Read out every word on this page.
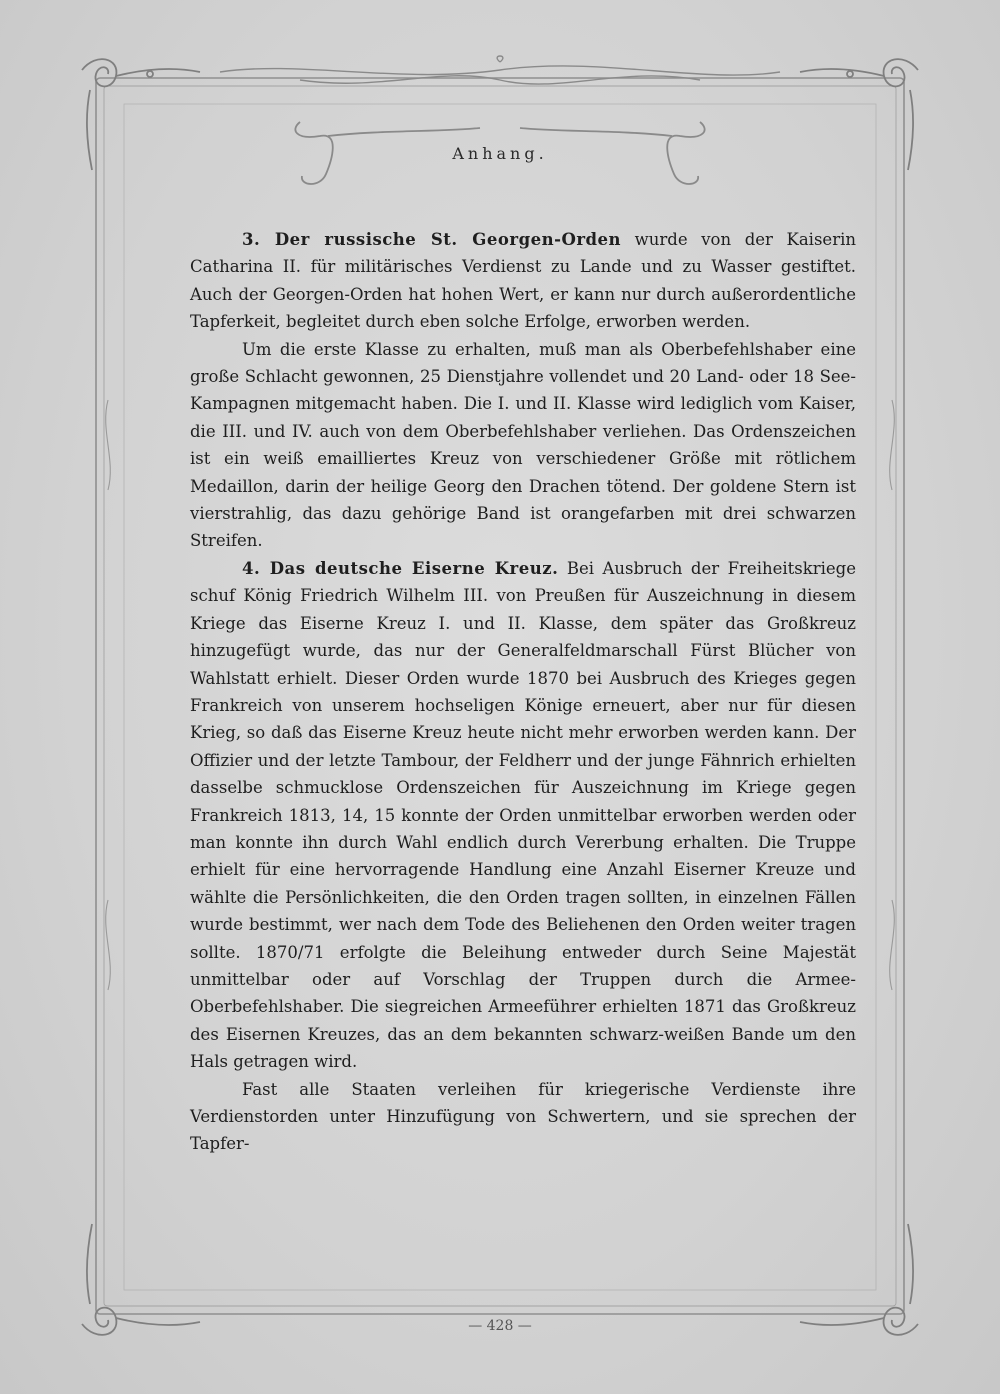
Anhang.

3. Der russische St. Georgen-Orden wurde von der Kaiserin Catharina II. für militärisches Verdienst zu Lande und zu Wasser gestiftet. Auch der Georgen-Orden hat hohen Wert, er kann nur durch außerordentliche Tapferkeit, begleitet durch eben solche Erfolge, erworben werden.

Um die erste Klasse zu erhalten, muß man als Oberbefehlshaber eine große Schlacht gewonnen, 25 Dienstjahre vollendet und 20 Land- oder 18 See-Kampagnen mitgemacht haben. Die I. und II. Klasse wird lediglich vom Kaiser, die III. und IV. auch von dem Oberbefehlshaber verliehen. Das Ordenszeichen ist ein weiß emailliertes Kreuz von verschiedener Größe mit rötlichem Medaillon, darin der heilige Georg den Drachen tötend. Der goldene Stern ist vierstrahlig, das dazu gehörige Band ist orangefarben mit drei schwarzen Streifen.

4. Das deutsche Eiserne Kreuz. Bei Ausbruch der Freiheitskriege schuf König Friedrich Wilhelm III. von Preußen für Auszeichnung in diesem Kriege das Eiserne Kreuz I. und II. Klasse, dem später das Großkreuz hinzugefügt wurde, das nur der Generalfeldmarschall Fürst Blücher von Wahlstatt erhielt. Dieser Orden wurde 1870 bei Ausbruch des Krieges gegen Frankreich von unserem hochseligen Könige erneuert, aber nur für diesen Krieg, so daß das Eiserne Kreuz heute nicht mehr erworben werden kann. Der Offizier und der letzte Tambour, der Feldherr und der junge Fähnrich erhielten dasselbe schmucklose Ordenszeichen für Auszeichnung im Kriege gegen Frankreich 1813, 14, 15 konnte der Orden unmittelbar erworben werden oder man konnte ihn durch Wahl endlich durch Vererbung erhalten. Die Truppe erhielt für eine hervorragende Handlung eine Anzahl Eiserner Kreuze und wählte die Persönlichkeiten, die den Orden tragen sollten, in einzelnen Fällen wurde bestimmt, wer nach dem Tode des Beliehenen den Orden weiter tragen sollte. 1870/71 erfolgte die Beleihung entweder durch Seine Majestät unmittelbar oder auf Vorschlag der Truppen durch die Armee-Oberbefehlshaber. Die siegreichen Armeeführer erhielten 1871 das Großkreuz des Eisernen Kreuzes, das an dem bekannten schwarz-weißen Bande um den Hals getragen wird.

Fast alle Staaten verleihen für kriegerische Verdienste ihre Verdienstorden unter Hinzufügung von Schwertern, und sie sprechen der Tapfer-

— 428 —
